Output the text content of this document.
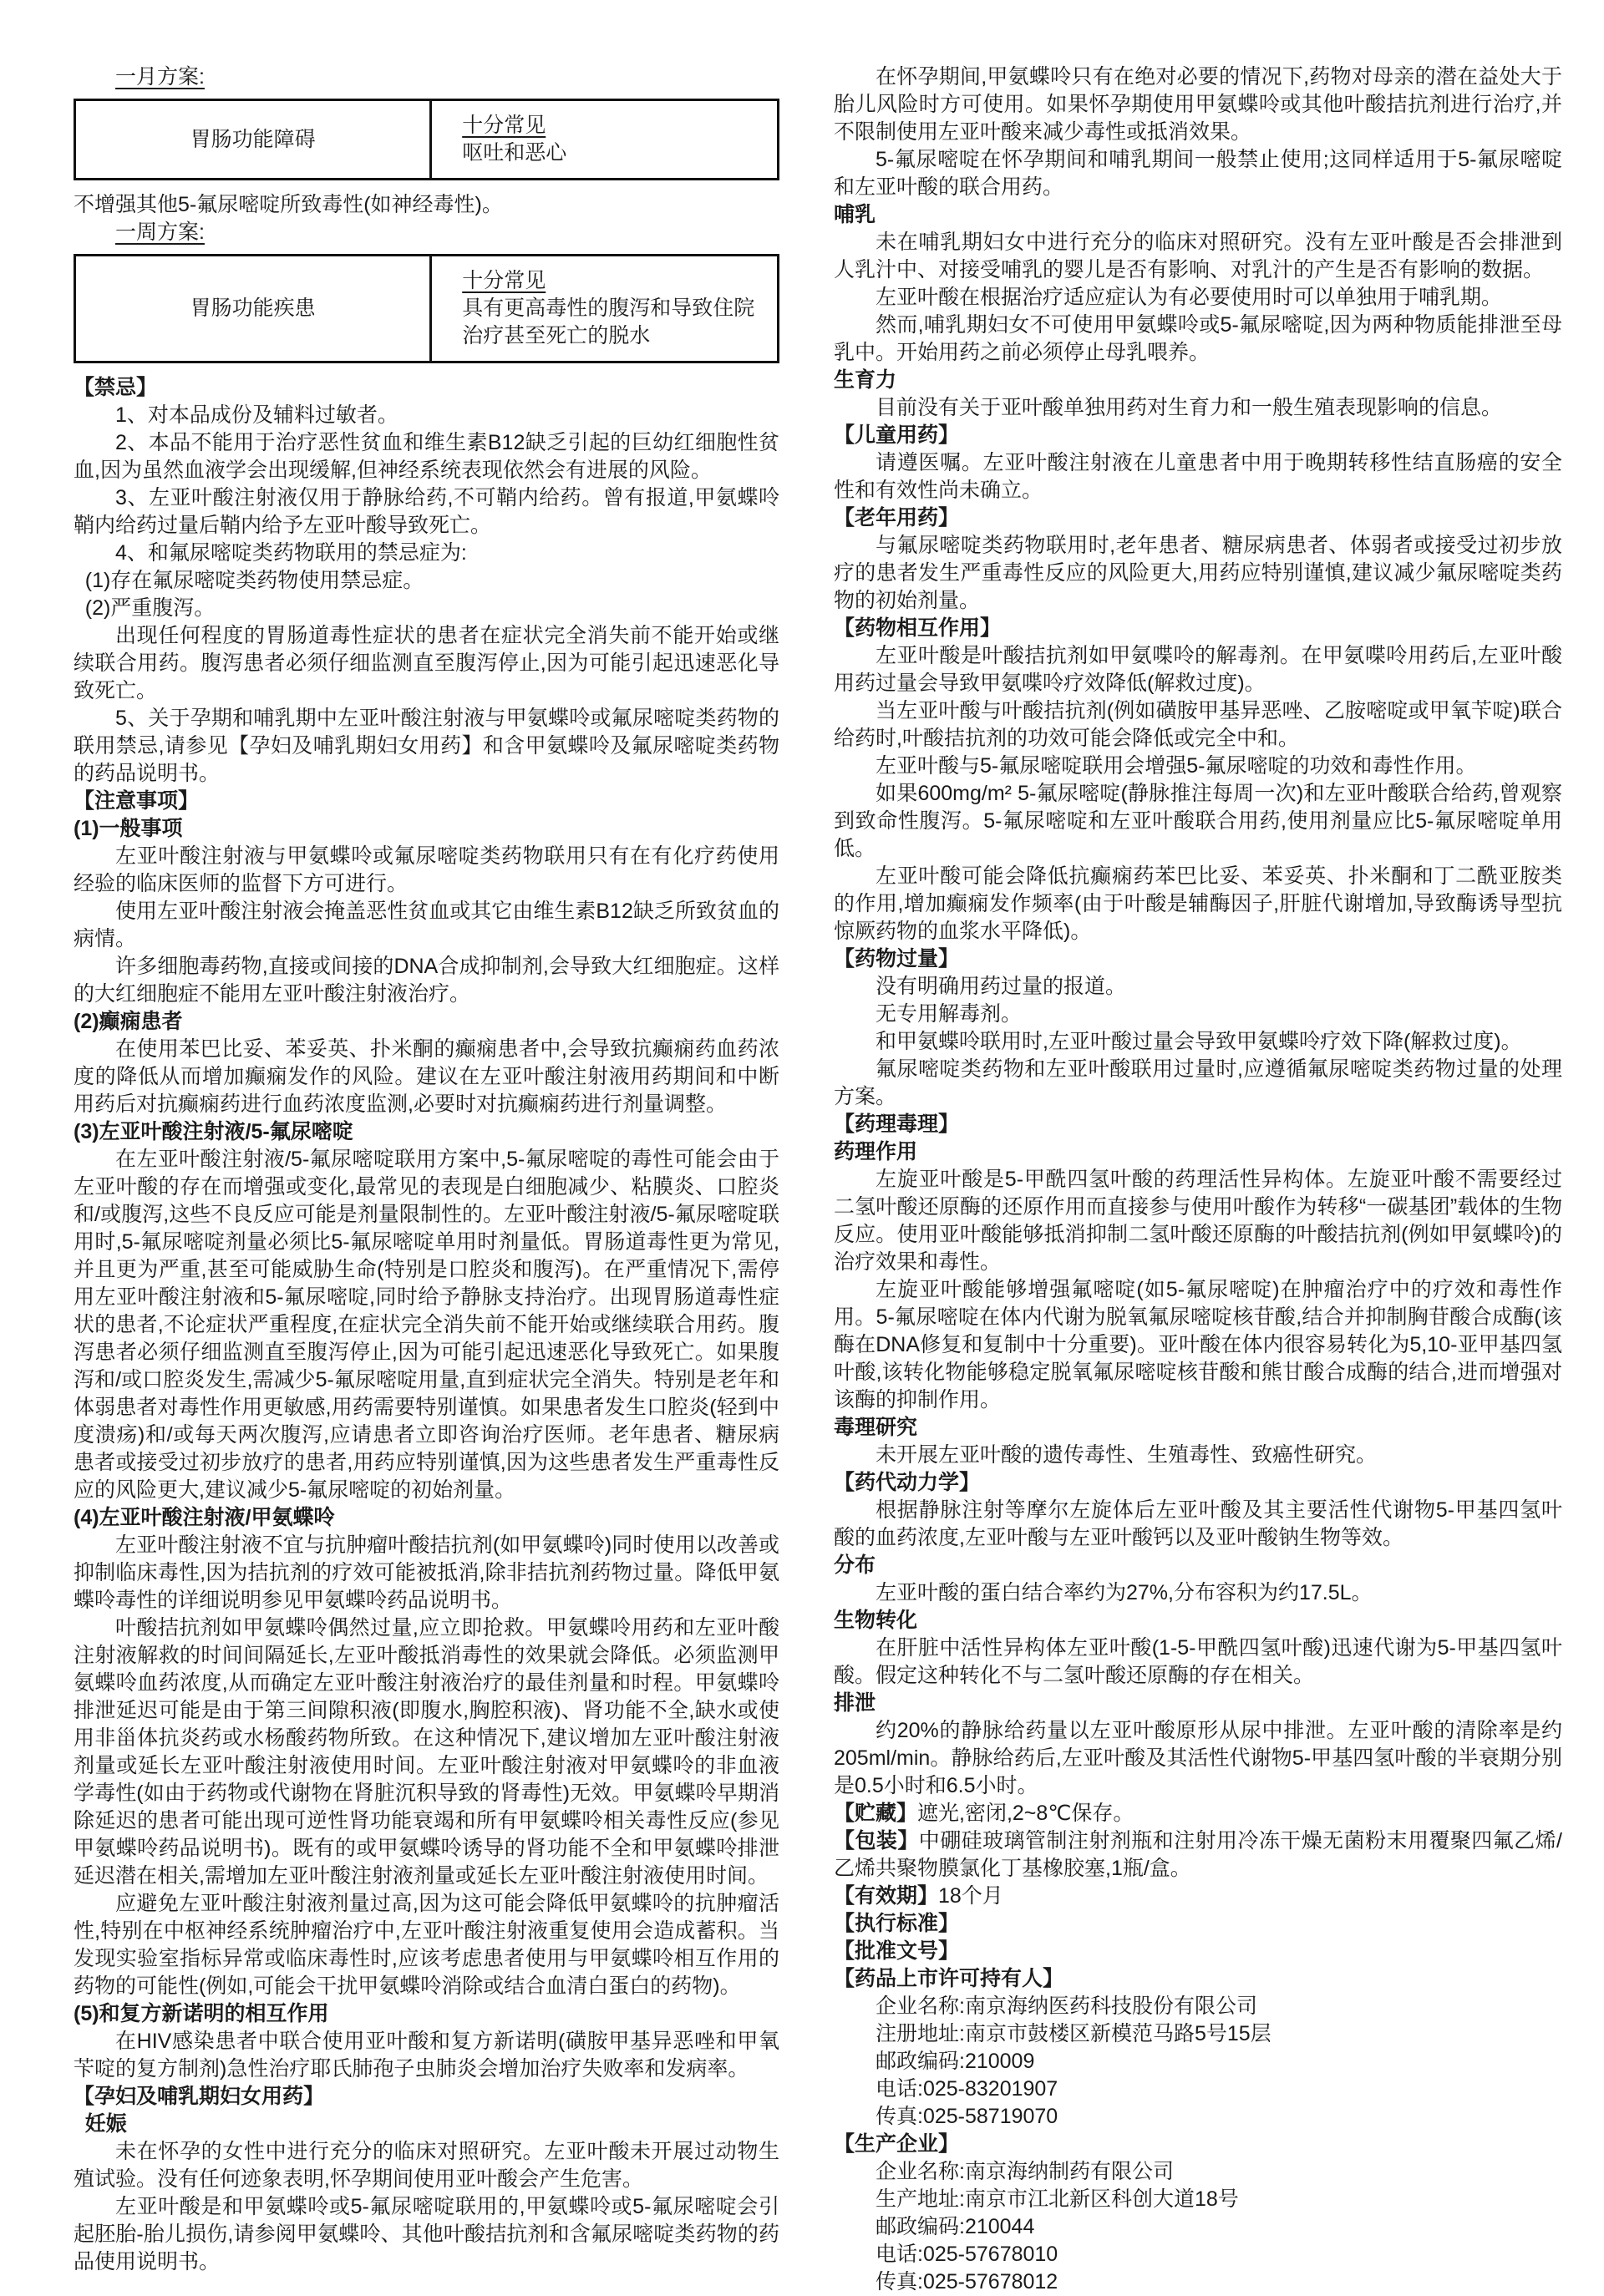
一月方案:

胃肠功能障碍
十分常见
呕吐和恶心

不增强其他5-氟尿嘧啶所致毒性(如神经毒性)。

一周方案:

胃肠功能疾患
十分常见
具有更高毒性的腹泻和导致住院治疗甚至死亡的脱水

【禁忌】

1、对本品成份及辅料过敏者。

2、本品不能用于治疗恶性贫血和维生素B12缺乏引起的巨幼红细胞性贫血,因为虽然血液学会出现缓解,但神经系统表现依然会有进展的风险。

3、左亚叶酸注射液仅用于静脉给药,不可鞘内给药。曾有报道,甲氨蝶呤鞘内给药过量后鞘内给予左亚叶酸导致死亡。

4、和氟尿嘧啶类药物联用的禁忌症为:

(1)存在氟尿嘧啶类药物使用禁忌症。

(2)严重腹泻。

出现任何程度的胃肠道毒性症状的患者在症状完全消失前不能开始或继续联合用药。腹泻患者必须仔细监测直至腹泻停止,因为可能引起迅速恶化导致死亡。

5、关于孕期和哺乳期中左亚叶酸注射液与甲氨蝶呤或氟尿嘧啶类药物的联用禁忌,请参见【孕妇及哺乳期妇女用药】和含甲氨蝶呤及氟尿嘧啶类药物的药品说明书。

【注意事项】

(1)一般事项

左亚叶酸注射液与甲氨蝶呤或氟尿嘧啶类药物联用只有在有化疗药使用经验的临床医师的监督下方可进行。

使用左亚叶酸注射液会掩盖恶性贫血或其它由维生素B12缺乏所致贫血的病情。

许多细胞毒药物,直接或间接的DNA合成抑制剂,会导致大红细胞症。这样的大红细胞症不能用左亚叶酸注射液治疗。

(2)癫痫患者

在使用苯巴比妥、苯妥英、扑米酮的癫痫患者中,会导致抗癫痫药血药浓度的降低从而增加癫痫发作的风险。建议在左亚叶酸注射液用药期间和中断用药后对抗癫痫药进行血药浓度监测,必要时对抗癫痫药进行剂量调整。

(3)左亚叶酸注射液/5-氟尿嘧啶

在左亚叶酸注射液/5-氟尿嘧啶联用方案中,5-氟尿嘧啶的毒性可能会由于左亚叶酸的存在而增强或变化,最常见的表现是白细胞减少、粘膜炎、口腔炎和/或腹泻,这些不良反应可能是剂量限制性的。左亚叶酸注射液/5-氟尿嘧啶联用时,5-氟尿嘧啶剂量必须比5-氟尿嘧啶单用时剂量低。胃肠道毒性更为常见,并且更为严重,甚至可能威胁生命(特别是口腔炎和腹泻)。在严重情况下,需停用左亚叶酸注射液和5-氟尿嘧啶,同时给予静脉支持治疗。出现胃肠道毒性症状的患者,不论症状严重程度,在症状完全消失前不能开始或继续联合用药。腹泻患者必须仔细监测直至腹泻停止,因为可能引起迅速恶化导致死亡。如果腹泻和/或口腔炎发生,需减少5-氟尿嘧啶用量,直到症状完全消失。特别是老年和体弱患者对毒性作用更敏感,用药需要特别谨慎。如果患者发生口腔炎(轻到中度溃疡)和/或每天两次腹泻,应请患者立即咨询治疗医师。老年患者、糖尿病患者或接受过初步放疗的患者,用药应特别谨慎,因为这些患者发生严重毒性反应的风险更大,建议减少5-氟尿嘧啶的初始剂量。

(4)左亚叶酸注射液/甲氨蝶呤

左亚叶酸注射液不宜与抗肿瘤叶酸拮抗剂(如甲氨蝶呤)同时使用以改善或抑制临床毒性,因为拮抗剂的疗效可能被抵消,除非拮抗剂药物过量。降低甲氨蝶呤毒性的详细说明参见甲氨蝶呤药品说明书。

叶酸拮抗剂如甲氨蝶呤偶然过量,应立即抢救。甲氨蝶呤用药和左亚叶酸注射液解救的时间间隔延长,左亚叶酸抵消毒性的效果就会降低。必须监测甲氨蝶呤血药浓度,从而确定左亚叶酸注射液治疗的最佳剂量和时程。甲氨蝶呤排泄延迟可能是由于第三间隙积液(即腹水,胸腔积液)、肾功能不全,缺水或使用非甾体抗炎药或水杨酸药物所致。在这种情况下,建议增加左亚叶酸注射液剂量或延长左亚叶酸注射液使用时间。左亚叶酸注射液对甲氨蝶呤的非血液学毒性(如由于药物或代谢物在肾脏沉积导致的肾毒性)无效。甲氨蝶呤早期消除延迟的患者可能出现可逆性肾功能衰竭和所有甲氨蝶呤相关毒性反应(参见甲氨蝶呤药品说明书)。既有的或甲氨蝶呤诱导的肾功能不全和甲氨蝶呤排泄延迟潜在相关,需增加左亚叶酸注射液剂量或延长左亚叶酸注射液使用时间。

应避免左亚叶酸注射液剂量过高,因为这可能会降低甲氨蝶呤的抗肿瘤活性,特别在中枢神经系统肿瘤治疗中,左亚叶酸注射液重复使用会造成蓄积。当发现实验室指标异常或临床毒性时,应该考虑患者使用与甲氨蝶呤相互作用的药物的可能性(例如,可能会干扰甲氨蝶呤消除或结合血清白蛋白的药物)。

(5)和复方新诺明的相互作用

在HIV感染患者中联合使用亚叶酸和复方新诺明(磺胺甲基异恶唑和甲氧苄啶的复方制剂)急性治疗耶氏肺孢子虫肺炎会增加治疗失败率和发病率。

【孕妇及哺乳期妇女用药】

妊娠

未在怀孕的女性中进行充分的临床对照研究。左亚叶酸未开展过动物生殖试验。没有任何迹象表明,怀孕期间使用亚叶酸会产生危害。

左亚叶酸是和甲氨蝶呤或5-氟尿嘧啶联用的,甲氨蝶呤或5-氟尿嘧啶会引起胚胎-胎儿损伤,请参阅甲氨蝶呤、其他叶酸拮抗剂和含氟尿嘧啶类药物的药品使用说明书。

在怀孕期间,甲氨蝶呤只有在绝对必要的情况下,药物对母亲的潜在益处大于胎儿风险时方可使用。如果怀孕期使用甲氨蝶呤或其他叶酸拮抗剂进行治疗,并不限制使用左亚叶酸来减少毒性或抵消效果。

5-氟尿嘧啶在怀孕期间和哺乳期间一般禁止使用;这同样适用于5-氟尿嘧啶和左亚叶酸的联合用药。

哺乳

未在哺乳期妇女中进行充分的临床对照研究。没有左亚叶酸是否会排泄到人乳汁中、对接受哺乳的婴儿是否有影响、对乳汁的产生是否有影响的数据。

左亚叶酸在根据治疗适应症认为有必要使用时可以单独用于哺乳期。

然而,哺乳期妇女不可使用甲氨蝶呤或5-氟尿嘧啶,因为两种物质能排泄至母乳中。开始用药之前必须停止母乳喂养。

生育力

目前没有关于亚叶酸单独用药对生育力和一般生殖表现影响的信息。

【儿童用药】

请遵医嘱。左亚叶酸注射液在儿童患者中用于晚期转移性结直肠癌的安全性和有效性尚未确立。

【老年用药】

与氟尿嘧啶类药物联用时,老年患者、糖尿病患者、体弱者或接受过初步放疗的患者发生严重毒性反应的风险更大,用药应特别谨慎,建议减少氟尿嘧啶类药物的初始剂量。

【药物相互作用】

左亚叶酸是叶酸拮抗剂如甲氨喋呤的解毒剂。在甲氨喋呤用药后,左亚叶酸用药过量会导致甲氨喋呤疗效降低(解救过度)。

当左亚叶酸与叶酸拮抗剂(例如磺胺甲基异恶唑、乙胺嘧啶或甲氧苄啶)联合给药时,叶酸拮抗剂的功效可能会降低或完全中和。

左亚叶酸与5-氟尿嘧啶联用会增强5-氟尿嘧啶的功效和毒性作用。

如果600mg/m² 5-氟尿嘧啶(静脉推注每周一次)和左亚叶酸联合给药,曾观察到致命性腹泻。5-氟尿嘧啶和左亚叶酸联合用药,使用剂量应比5-氟尿嘧啶单用低。

左亚叶酸可能会降低抗癫痫药苯巴比妥、苯妥英、扑米酮和丁二酰亚胺类的作用,增加癫痫发作频率(由于叶酸是辅酶因子,肝脏代谢增加,导致酶诱导型抗惊厥药物的血浆水平降低)。

【药物过量】

没有明确用药过量的报道。

无专用解毒剂。

和甲氨蝶呤联用时,左亚叶酸过量会导致甲氨蝶呤疗效下降(解救过度)。

氟尿嘧啶类药物和左亚叶酸联用过量时,应遵循氟尿嘧啶类药物过量的处理方案。

【药理毒理】

药理作用

左旋亚叶酸是5-甲酰四氢叶酸的药理活性异构体。左旋亚叶酸不需要经过二氢叶酸还原酶的还原作用而直接参与使用叶酸作为转移“一碳基团”载体的生物反应。使用亚叶酸能够抵消抑制二氢叶酸还原酶的叶酸拮抗剂(例如甲氨蝶呤)的治疗效果和毒性。

左旋亚叶酸能够增强氟嘧啶(如5-氟尿嘧啶)在肿瘤治疗中的疗效和毒性作用。5-氟尿嘧啶在体内代谢为脱氧氟尿嘧啶核苷酸,结合并抑制胸苷酸合成酶(该酶在DNA修复和复制中十分重要)。亚叶酸在体内很容易转化为5,10-亚甲基四氢叶酸,该转化物能够稳定脱氧氟尿嘧啶核苷酸和熊甘酸合成酶的结合,进而增强对该酶的抑制作用。

毒理研究

未开展左亚叶酸的遗传毒性、生殖毒性、致癌性研究。

【药代动力学】

根据静脉注射等摩尔左旋体后左亚叶酸及其主要活性代谢物5-甲基四氢叶酸的血药浓度,左亚叶酸与左亚叶酸钙以及亚叶酸钠生物等效。

分布

左亚叶酸的蛋白结合率约为27%,分布容积为约17.5L。

生物转化

在肝脏中活性异构体左亚叶酸(1-5-甲酰四氢叶酸)迅速代谢为5-甲基四氢叶酸。假定这种转化不与二氢叶酸还原酶的存在相关。

排泄

约20%的静脉给药量以左亚叶酸原形从尿中排泄。左亚叶酸的清除率是约205ml/min。静脉给药后,左亚叶酸及其活性代谢物5-甲基四氢叶酸的半衰期分别是0.5小时和6.5小时。

【贮藏】遮光,密闭,2~8℃保存。

【包装】中硼硅玻璃管制注射剂瓶和注射用冷冻干燥无菌粉末用覆聚四氟乙烯/乙烯共聚物膜氯化丁基橡胶塞,1瓶/盒。

【有效期】18个月

【执行标准】

【批准文号】

【药品上市许可持有人】

企业名称:南京海纳医药科技股份有限公司

注册地址:南京市鼓楼区新模范马路5号15层

邮政编码:210009

电话:025-83201907

传真:025-58719070

【生产企业】

企业名称:南京海纳制药有限公司

生产地址:南京市江北新区科创大道18号

邮政编码:210044

电话:025-57678010

传真:025-57678012
